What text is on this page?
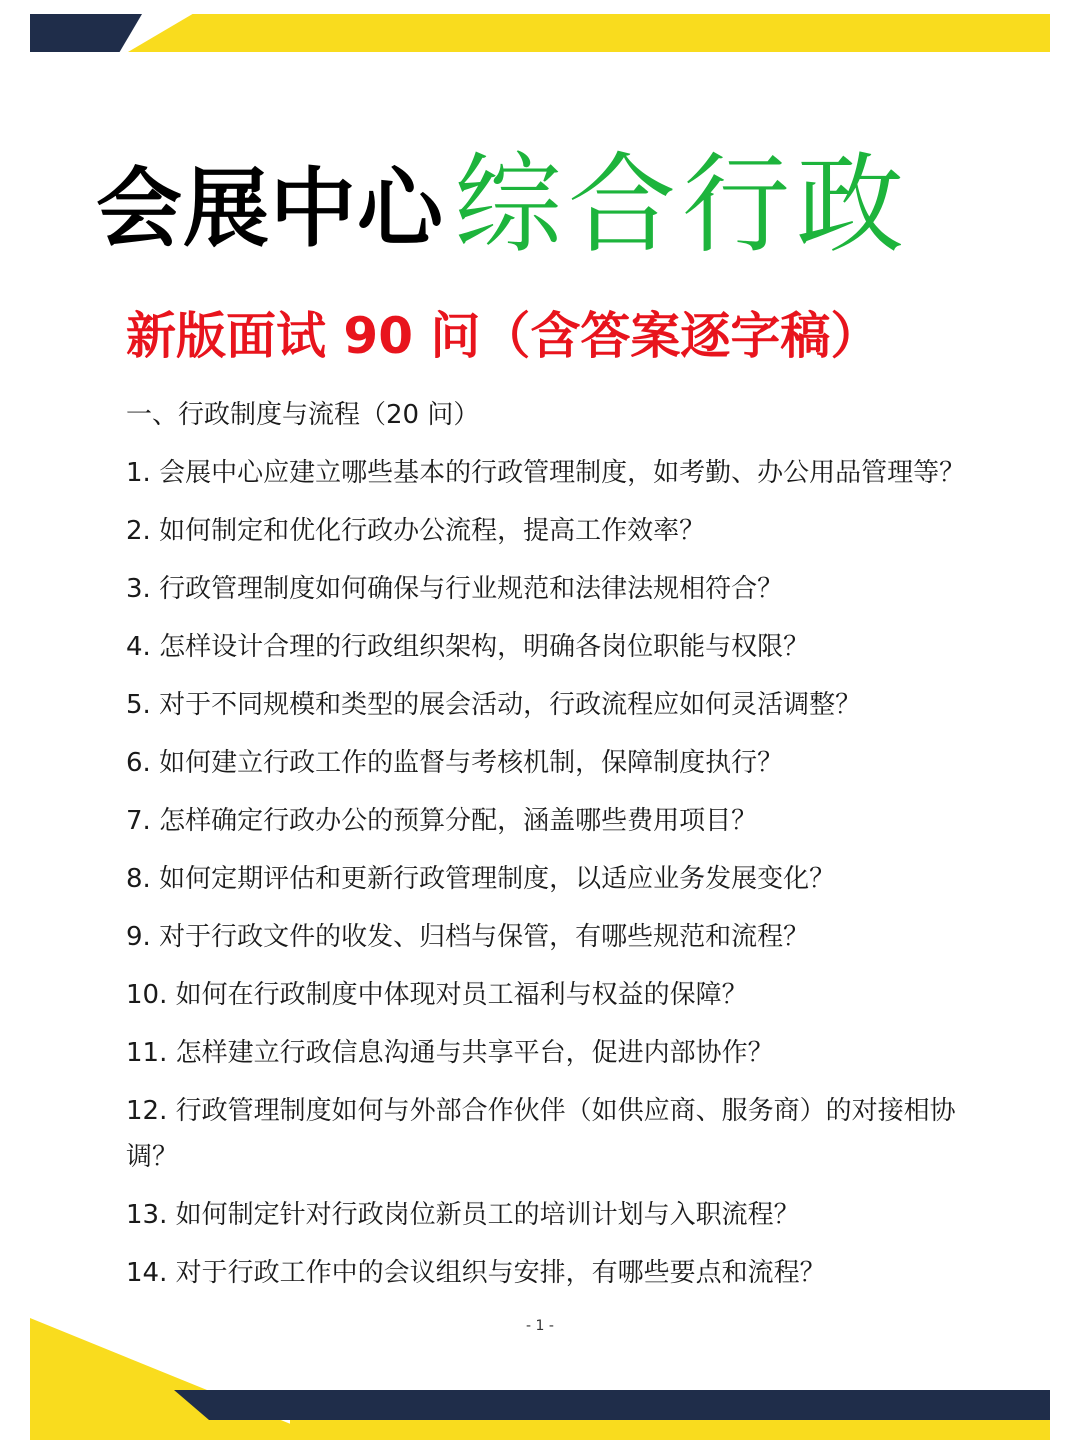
会展中心 综合行政
新版面试 90 问（含答案逐字稿）
一、行政制度与流程（20 问）
1. 会展中心应建立哪些基本的行政管理制度，如考勤、办公用品管理等？
2. 如何制定和优化行政办公流程，提高工作效率？
3. 行政管理制度如何确保与行业规范和法律法规相符合？
4. 怎样设计合理的行政组织架构，明确各岗位职能与权限？
5. 对于不同规模和类型的展会活动，行政流程应如何灵活调整？
6. 如何建立行政工作的监督与考核机制，保障制度执行？
7. 怎样确定行政办公的预算分配，涵盖哪些费用项目？
8. 如何定期评估和更新行政管理制度，以适应业务发展变化？
9. 对于行政文件的收发、归档与保管，有哪些规范和流程？
10. 如何在行政制度中体现对员工福利与权益的保障？
11. 怎样建立行政信息沟通与共享平台，促进内部协作？
12. 行政管理制度如何与外部合作伙伴（如供应商、服务商）的对接相协调？
13. 如何制定针对行政岗位新员工的培训计划与入职流程？
14. 对于行政工作中的会议组织与安排，有哪些要点和流程？
- 1 -
